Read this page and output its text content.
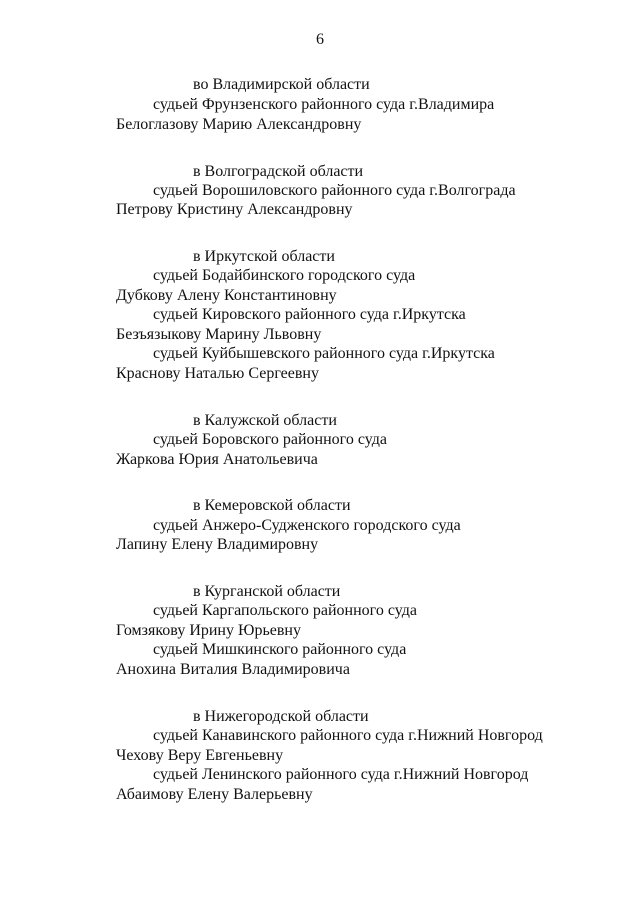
6
во Владимирской области
судьей Фрунзенского районного суда г.Владимира
Белоглазову Марию Александровну
в Волгоградской области
судьей Ворошиловского районного суда г.Волгограда
Петрову Кристину Александровну
в Иркутской области
судьей Бодайбинского городского суда
Дубкову Алену Константиновну
судьей Кировского районного суда г.Иркутска
Безъязыкову Марину Львовну
судьей Куйбышевского районного суда г.Иркутска
Краснову Наталью Сергеевну
в Калужской области
судьей Боровского районного суда
Жаркова Юрия Анатольевича
в Кемеровской области
судьей Анжеро-Судженского городского суда
Лапину Елену Владимировну
в Курганской области
судьей Каргапольского районного суда
Гомзякову Ирину Юрьевну
судьей Мишкинского районного суда
Анохина Виталия Владимировича
в Нижегородской области
судьей Канавинского районного суда г.Нижний Новгород
Чехову Веру Евгеньевну
судьей Ленинского районного суда г.Нижний Новгород
Абаимову Елену Валерьевну
